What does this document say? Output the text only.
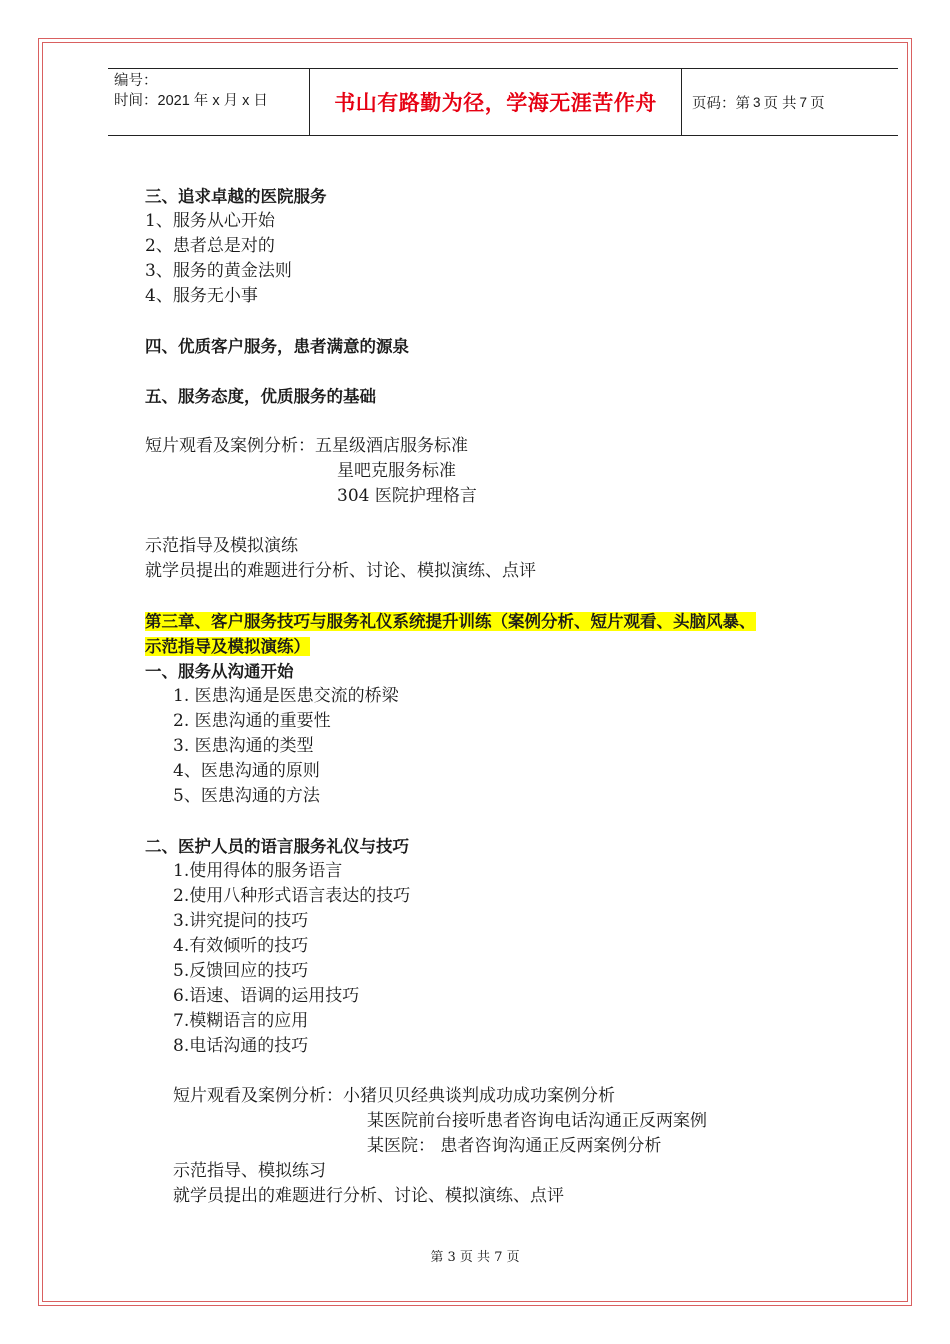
编号：
时间：2021 年 x 月 x 日	书山有路勤为径，学海无涯苦作舟 页码：第 3 页 共 7 页
三、追求卓越的医院服务
1、服务从心开始
2、患者总是对的
3、服务的黄金法则
4、服务无小事
四、优质客户服务，患者满意的源泉
五、服务态度，优质服务的基础
短片观看及案例分析：五星级酒店服务标准
星吧克服务标准
304 医院护理格言
示范指导及模拟演练
就学员提出的难题进行分析、讨论、模拟演练、点评
第三章、客户服务技巧与服务礼仪系统提升训练（案例分析、短片观看、头脑风暴、
示范指导及模拟演练）
一、服务从沟通开始
1. 医患沟通是医患交流的桥梁
2. 医患沟通的重要性
3. 医患沟通的类型
4、医患沟通的原则
5、医患沟通的方法
二、医护人员的语言服务礼仪与技巧
1.使用得体的服务语言
2.使用八种形式语言表达的技巧
3.讲究提问的技巧
4.有效倾听的技巧
5.反馈回应的技巧
6.语速、语调的运用技巧
7.模糊语言的应用
8.电话沟通的技巧
短片观看及案例分析：小猪贝贝经典谈判成功成功案例分析
某医院前台接听患者咨询电话沟通正反两案例
某医院： 患者咨询沟通正反两案例分析
示范指导、模拟练习
就学员提出的难题进行分析、讨论、模拟演练、点评
第 3 页 共 7 页
